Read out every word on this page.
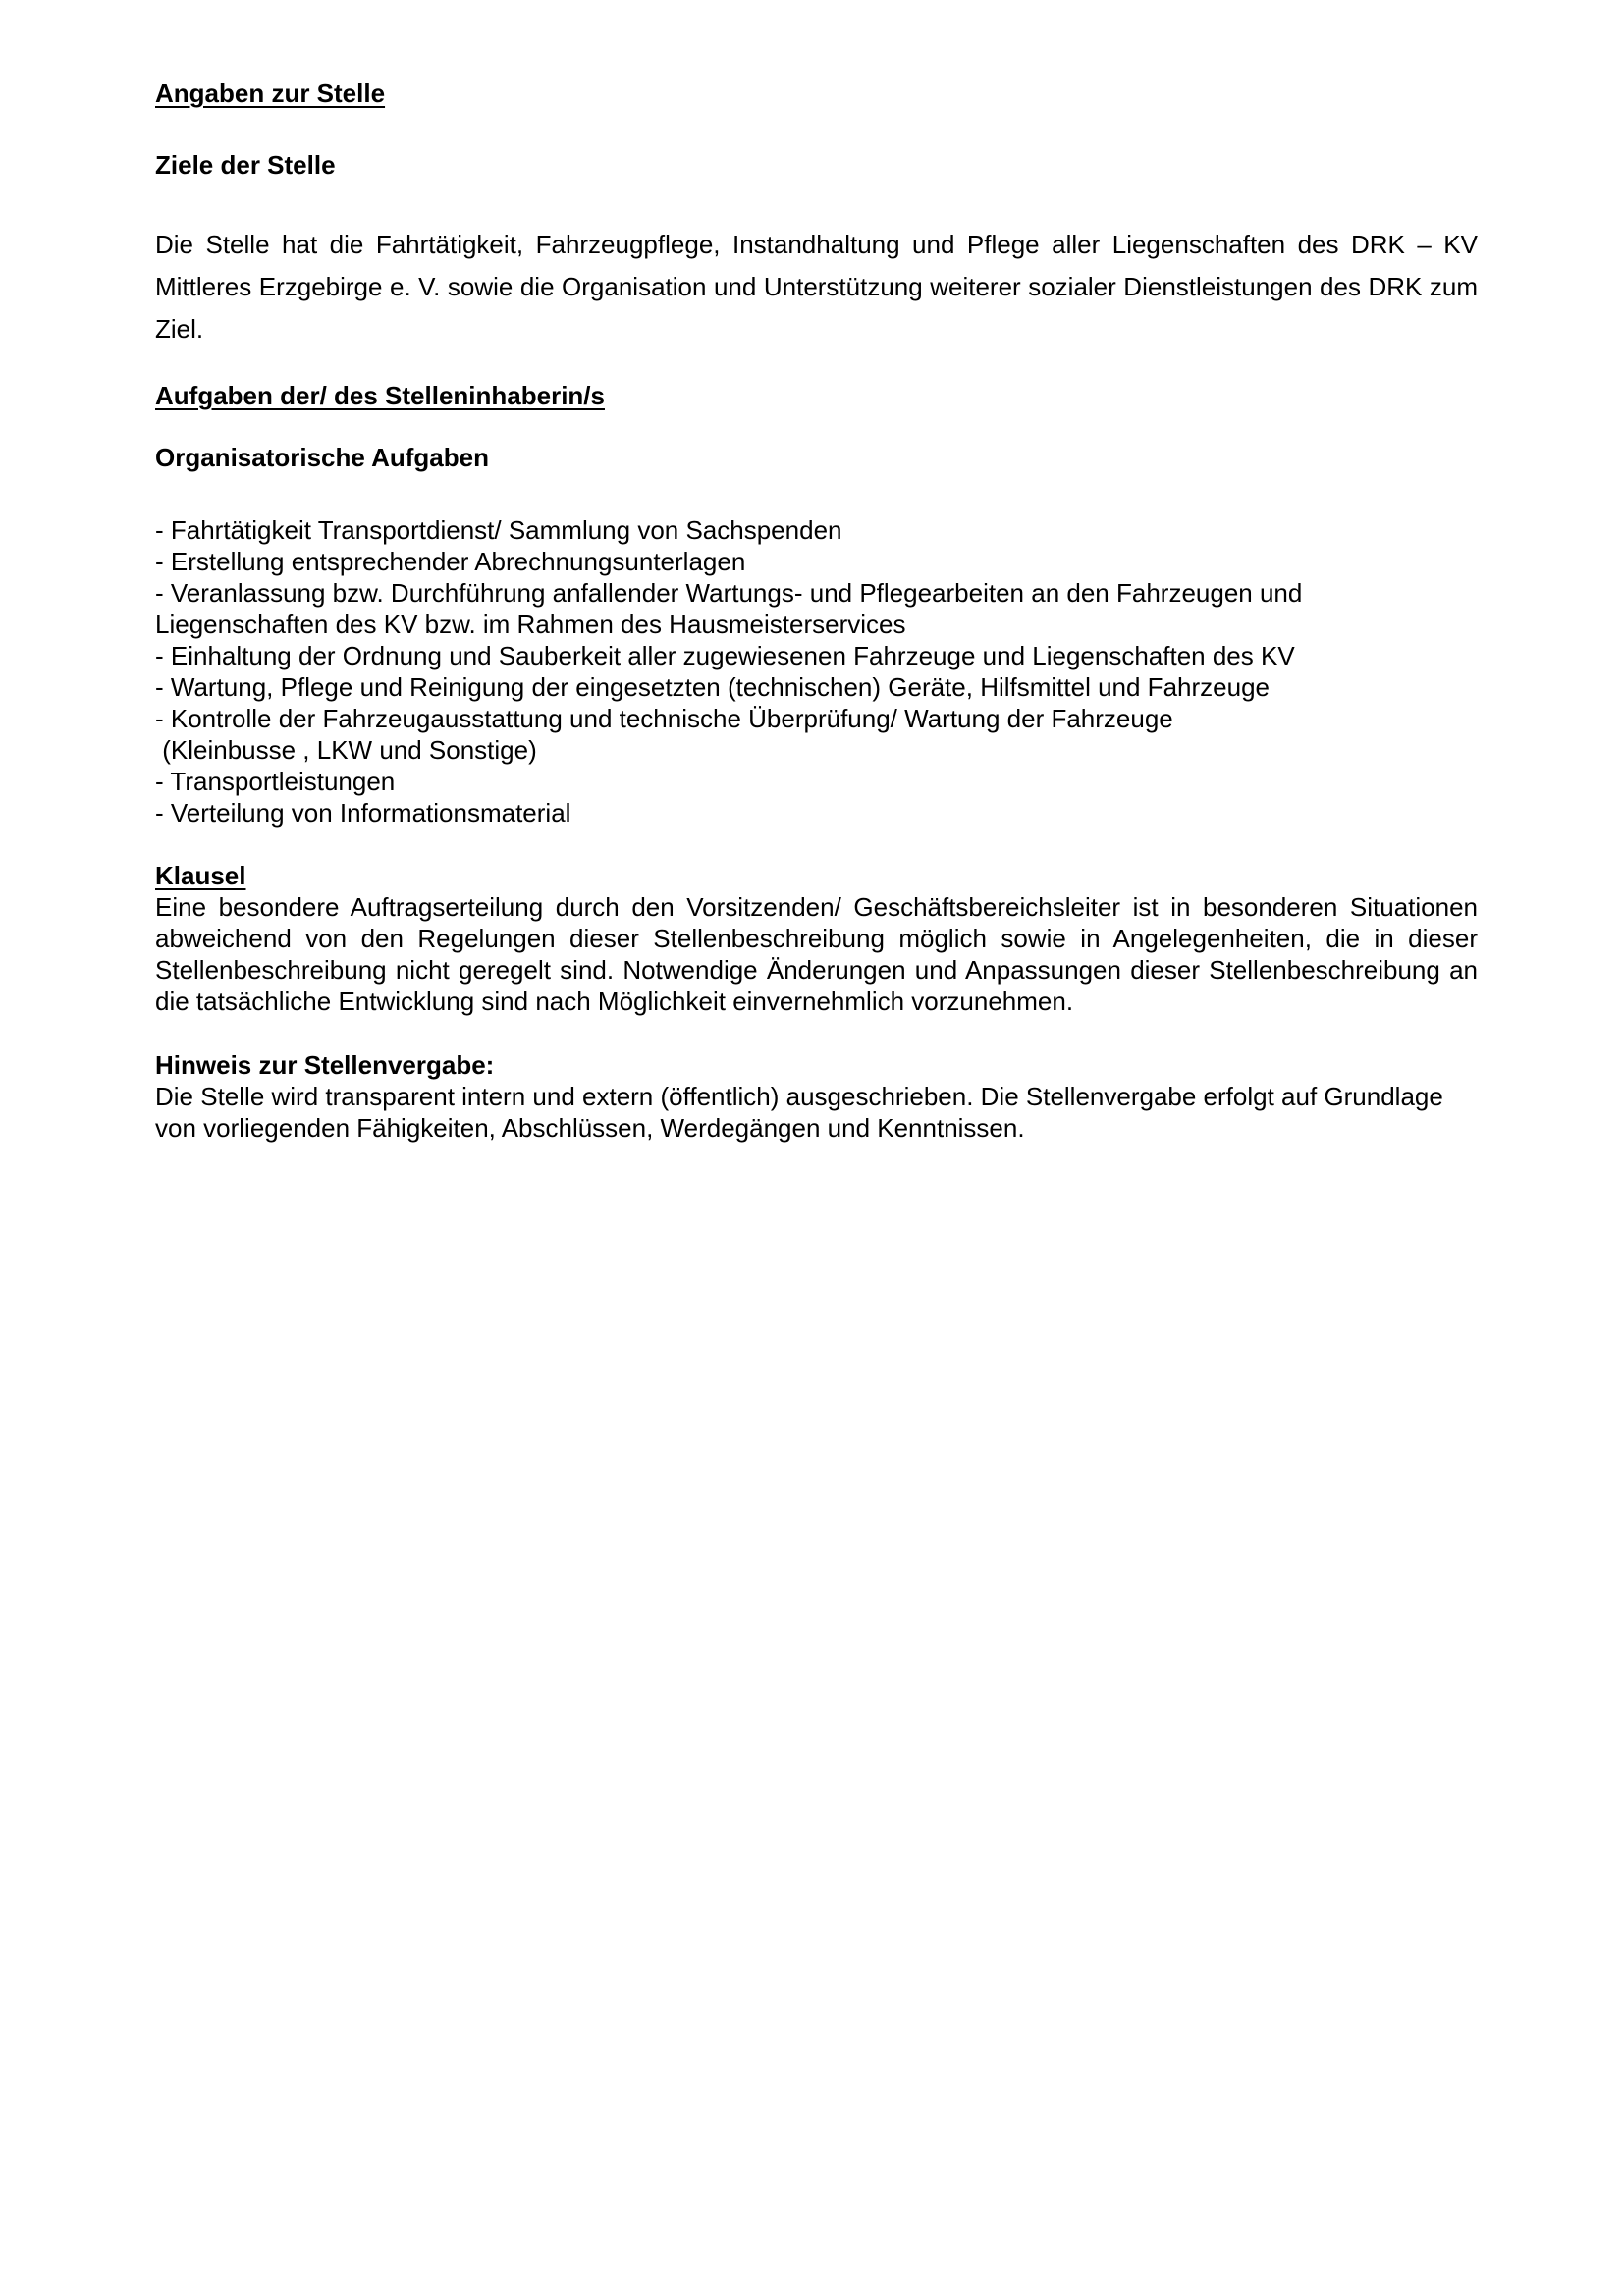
Angaben zur Stelle
Ziele der Stelle

Die Stelle hat die Fahrtätigkeit, Fahrzeugpflege, Instandhaltung und Pflege aller Liegenschaften des DRK – KV Mittleres Erzgebirge e. V. sowie die Organisation und Unterstützung weiterer sozialer Dienstleistungen des DRK zum Ziel.

Aufgaben der/ des Stelleninhaberin/s
Organisatorische Aufgaben
- Fahrtätigkeit Transportdienst/ Sammlung von Sachspenden
- Erstellung entsprechender Abrechnungsunterlagen
- Veranlassung bzw. Durchführung anfallender Wartungs- und Pflegearbeiten an den Fahrzeugen und
Liegenschaften des KV bzw. im Rahmen des Hausmeisterservices
- Einhaltung der Ordnung und Sauberkeit aller zugewiesenen Fahrzeuge und Liegenschaften des KV
- Wartung, Pflege und Reinigung der eingesetzten (technischen) Geräte, Hilfsmittel und Fahrzeuge
- Kontrolle der Fahrzeugausstattung und technische Überprüfung/ Wartung der Fahrzeuge
(Kleinbusse , LKW und Sonstige)
- Transportleistungen
- Verteilung von Informationsmaterial
Klausel

Eine besondere Auftragserteilung durch den Vorsitzenden/ Geschäftsbereichsleiter ist in besonderen Situationen abweichend von den Regelungen dieser Stellenbeschreibung möglich sowie in Angelegenheiten, die in dieser Stellenbeschreibung nicht geregelt sind. Notwendige Änderungen und Anpassungen dieser Stellenbeschreibung an die tatsächliche Entwicklung sind nach Möglichkeit einvernehmlich vorzunehmen.

Hinweis zur Stellenvergabe:

Die Stelle wird transparent intern und extern (öffentlich) ausgeschrieben. Die Stellenvergabe erfolgt auf Grundlage von vorliegenden Fähigkeiten, Abschlüssen, Werdegängen und Kenntnissen.
